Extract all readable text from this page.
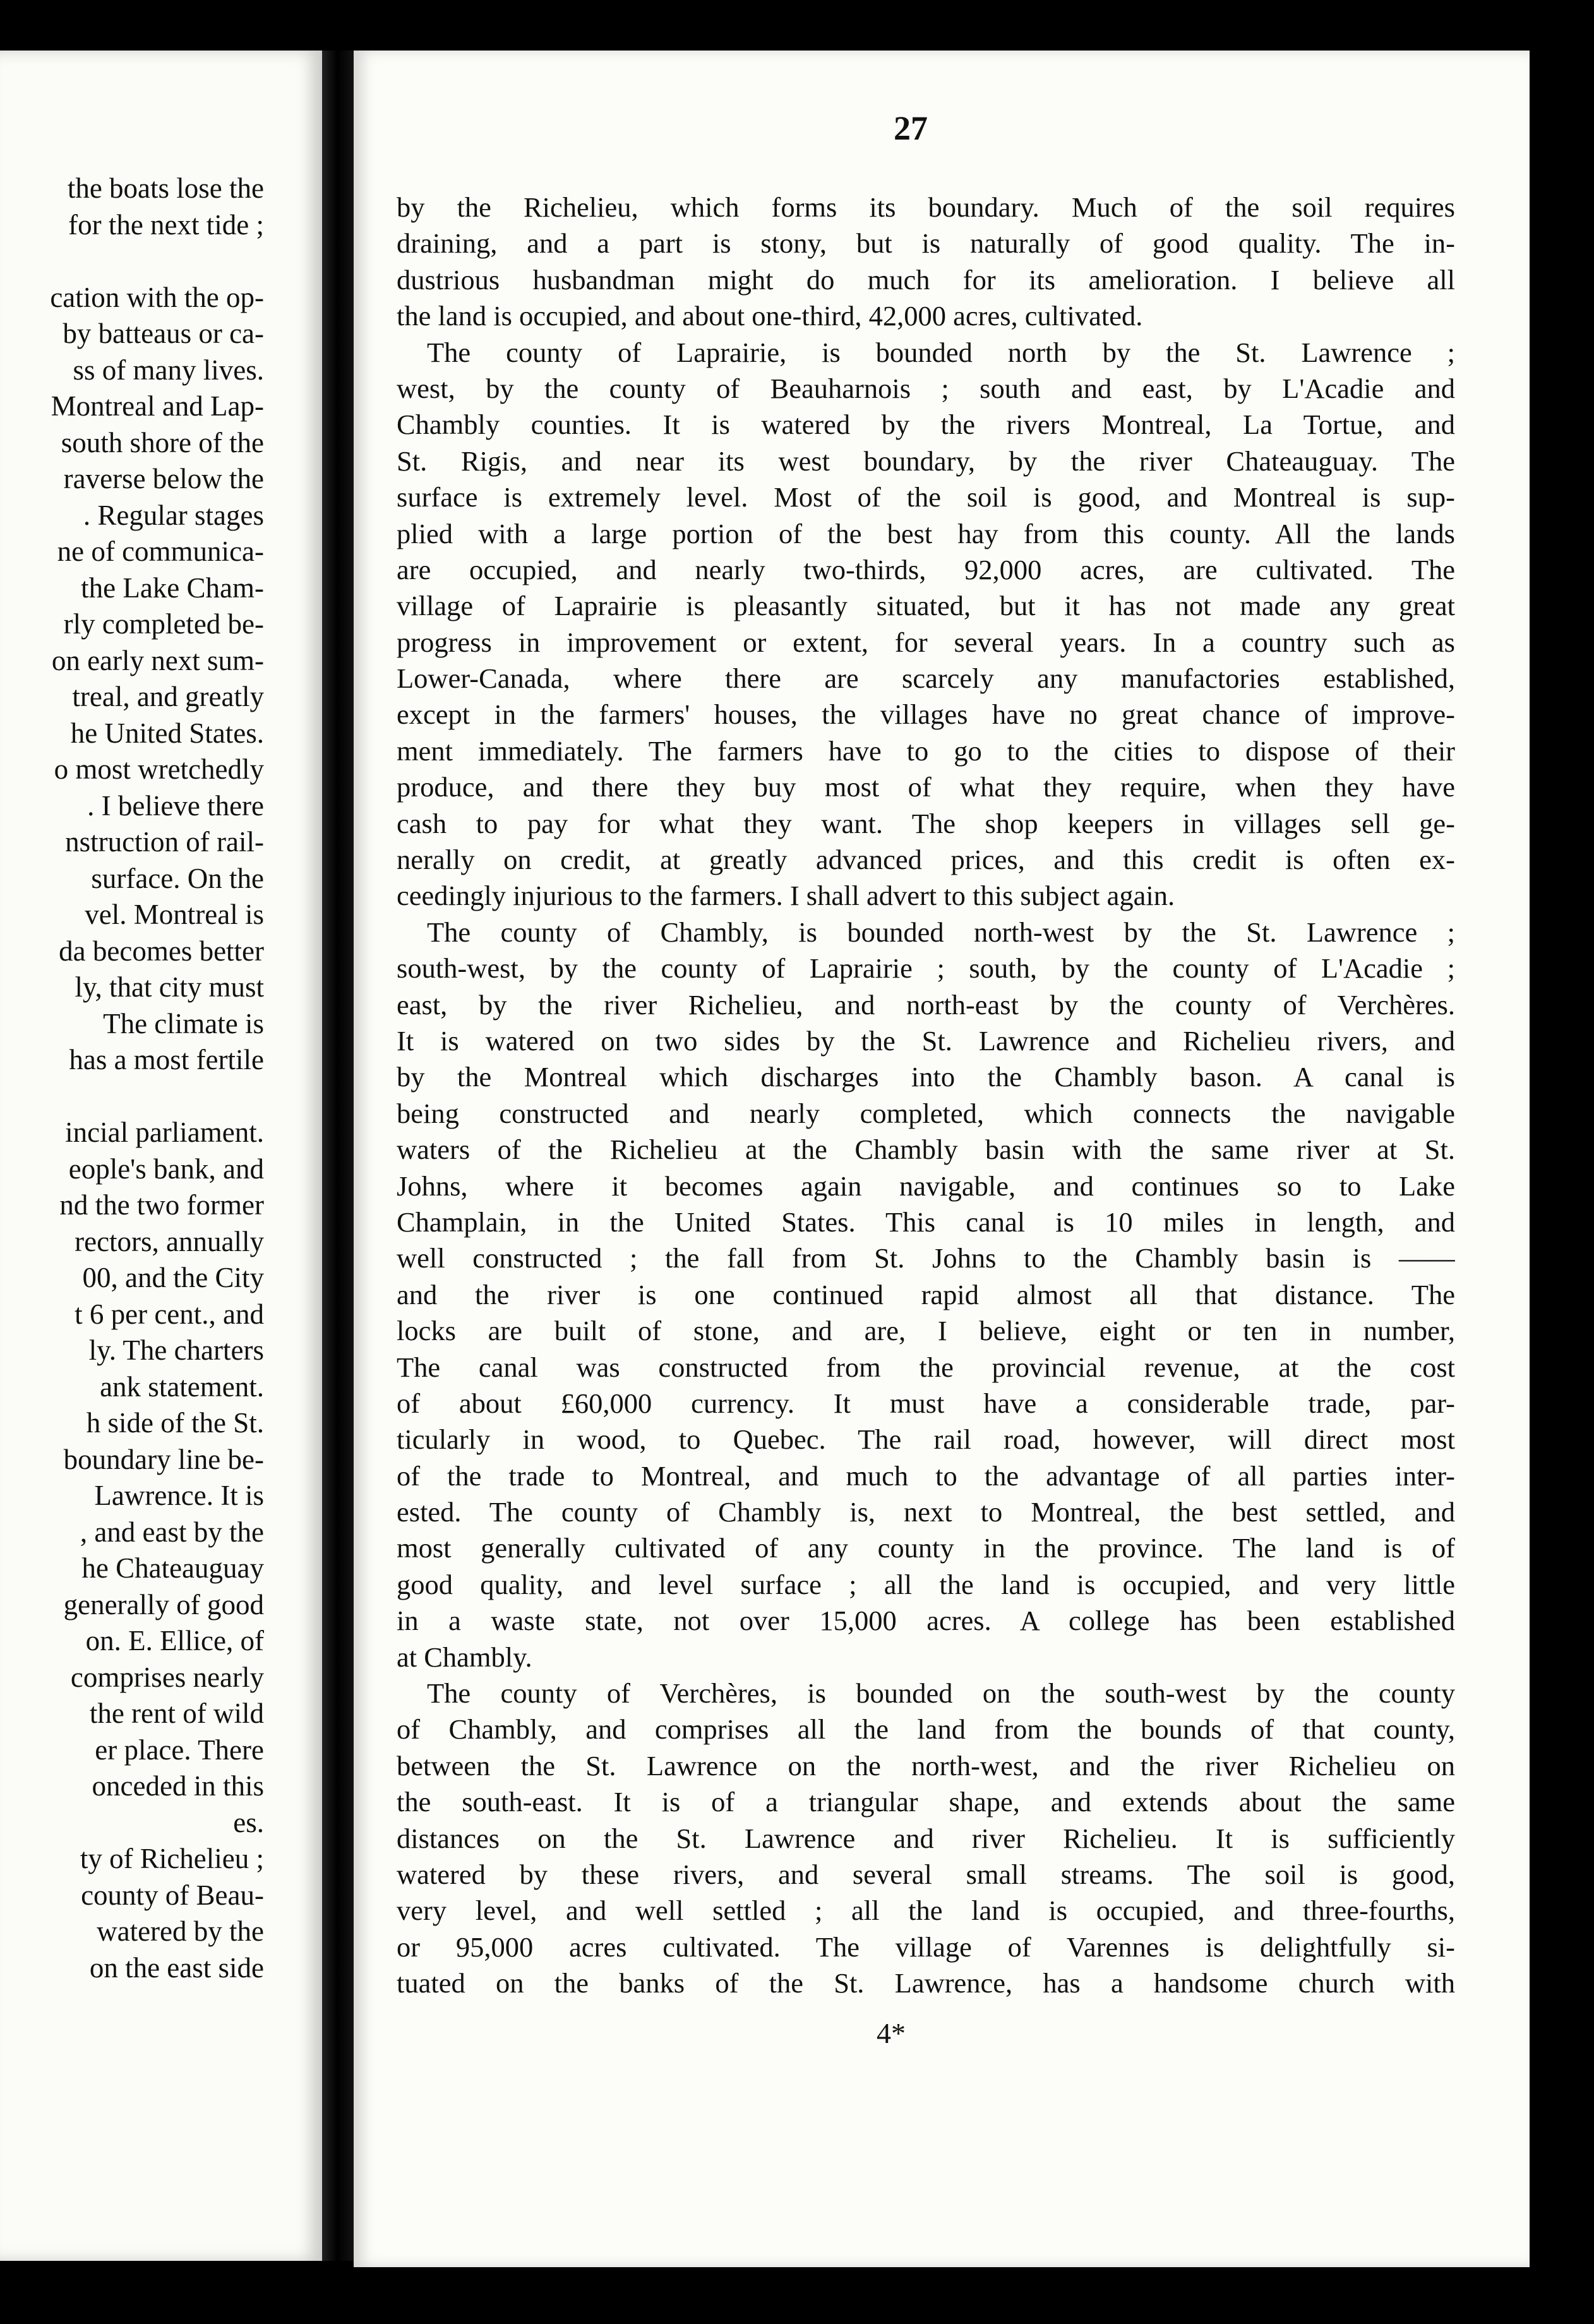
the boats lose the
for the next tide ;
cation with the op-
by batteaus or ca-
ss of many lives.
Montreal and Lap-
south shore of the
raverse below the
. Regular stages
ne of communica-
the Lake Cham-
rly completed be-
on early next sum-
treal, and greatly
he United States.
o most wretchedly
. I believe there
nstruction of rail-
surface. On the
vel. Montreal is
da becomes better
ly, that city must
The climate is
has a most fertile
incial parliament.
eople's bank, and
nd the two former
rectors, annually
00, and the City
t 6 per cent., and
ly. The charters
ank statement.
h side of the St.
boundary line be-
Lawrence. It is
, and east by the
he Chateauguay
generally of good
on. E. Ellice, of
comprises nearly
the rent of wild
er place. There
onceded in this
es.
ty of Richelieu ;
county of Beau-
watered by the
on the east side
27
by the Richelieu, which forms its boundary. Much of the soil requires
draining, and a part is stony, but is naturally of good quality. The in-
dustrious husbandman might do much for its amelioration. I believe all
the land is occupied, and about one-third, 42,000 acres, cultivated.
The county of Laprairie, is bounded north by the St. Lawrence ;
west, by the county of Beauharnois ; south and east, by L'Acadie and
Chambly counties. It is watered by the rivers Montreal, La Tortue, and
St. Rigis, and near its west boundary, by the river Chateauguay. The
surface is extremely level. Most of the soil is good, and Montreal is sup-
plied with a large portion of the best hay from this county. All the lands
are occupied, and nearly two-thirds, 92,000 acres, are cultivated. The
village of Laprairie is pleasantly situated, but it has not made any great
progress in improvement or extent, for several years. In a country such as
Lower-Canada, where there are scarcely any manufactories established,
except in the farmers' houses, the villages have no great chance of improve-
ment immediately. The farmers have to go to the cities to dispose of their
produce, and there they buy most of what they require, when they have
cash to pay for what they want. The shop keepers in villages sell ge-
nerally on credit, at greatly advanced prices, and this credit is often ex-
ceedingly injurious to the farmers. I shall advert to this subject again.
The county of Chambly, is bounded north-west by the St. Lawrence ;
south-west, by the county of Laprairie ; south, by the county of L'Acadie ;
east, by the river Richelieu, and north-east by the county of Verchères.
It is watered on two sides by the St. Lawrence and Richelieu rivers, and
by the Montreal which discharges into the Chambly bason. A canal is
being constructed and nearly completed, which connects the navigable
waters of the Richelieu at the Chambly basin with the same river at St.
Johns, where it becomes again navigable, and continues so to Lake
Champlain, in the United States. This canal is 10 miles in length, and
well constructed ; the fall from St. Johns to the Chambly basin is ——
and the river is one continued rapid almost all that distance. The
locks are built of stone, and are, I believe, eight or ten in number,
The canal was constructed from the provincial revenue, at the cost
of about £60,000 currency. It must have a considerable trade, par-
ticularly in wood, to Quebec. The rail road, however, will direct most
of the trade to Montreal, and much to the advantage of all parties inter-
ested. The county of Chambly is, next to Montreal, the best settled, and
most generally cultivated of any county in the province. The land is of
good quality, and level surface ; all the land is occupied, and very little
in a waste state, not over 15,000 acres. A college has been established
at Chambly.
The county of Verchères, is bounded on the south-west by the county
of Chambly, and comprises all the land from the bounds of that county,
between the St. Lawrence on the north-west, and the river Richelieu on
the south-east. It is of a triangular shape, and extends about the same
distances on the St. Lawrence and river Richelieu. It is sufficiently
watered by these rivers, and several small streams. The soil is good,
very level, and well settled ; all the land is occupied, and three-fourths,
or 95,000 acres cultivated. The village of Varennes is delightfully si-
tuated on the banks of the St. Lawrence, has a handsome church with
4*
